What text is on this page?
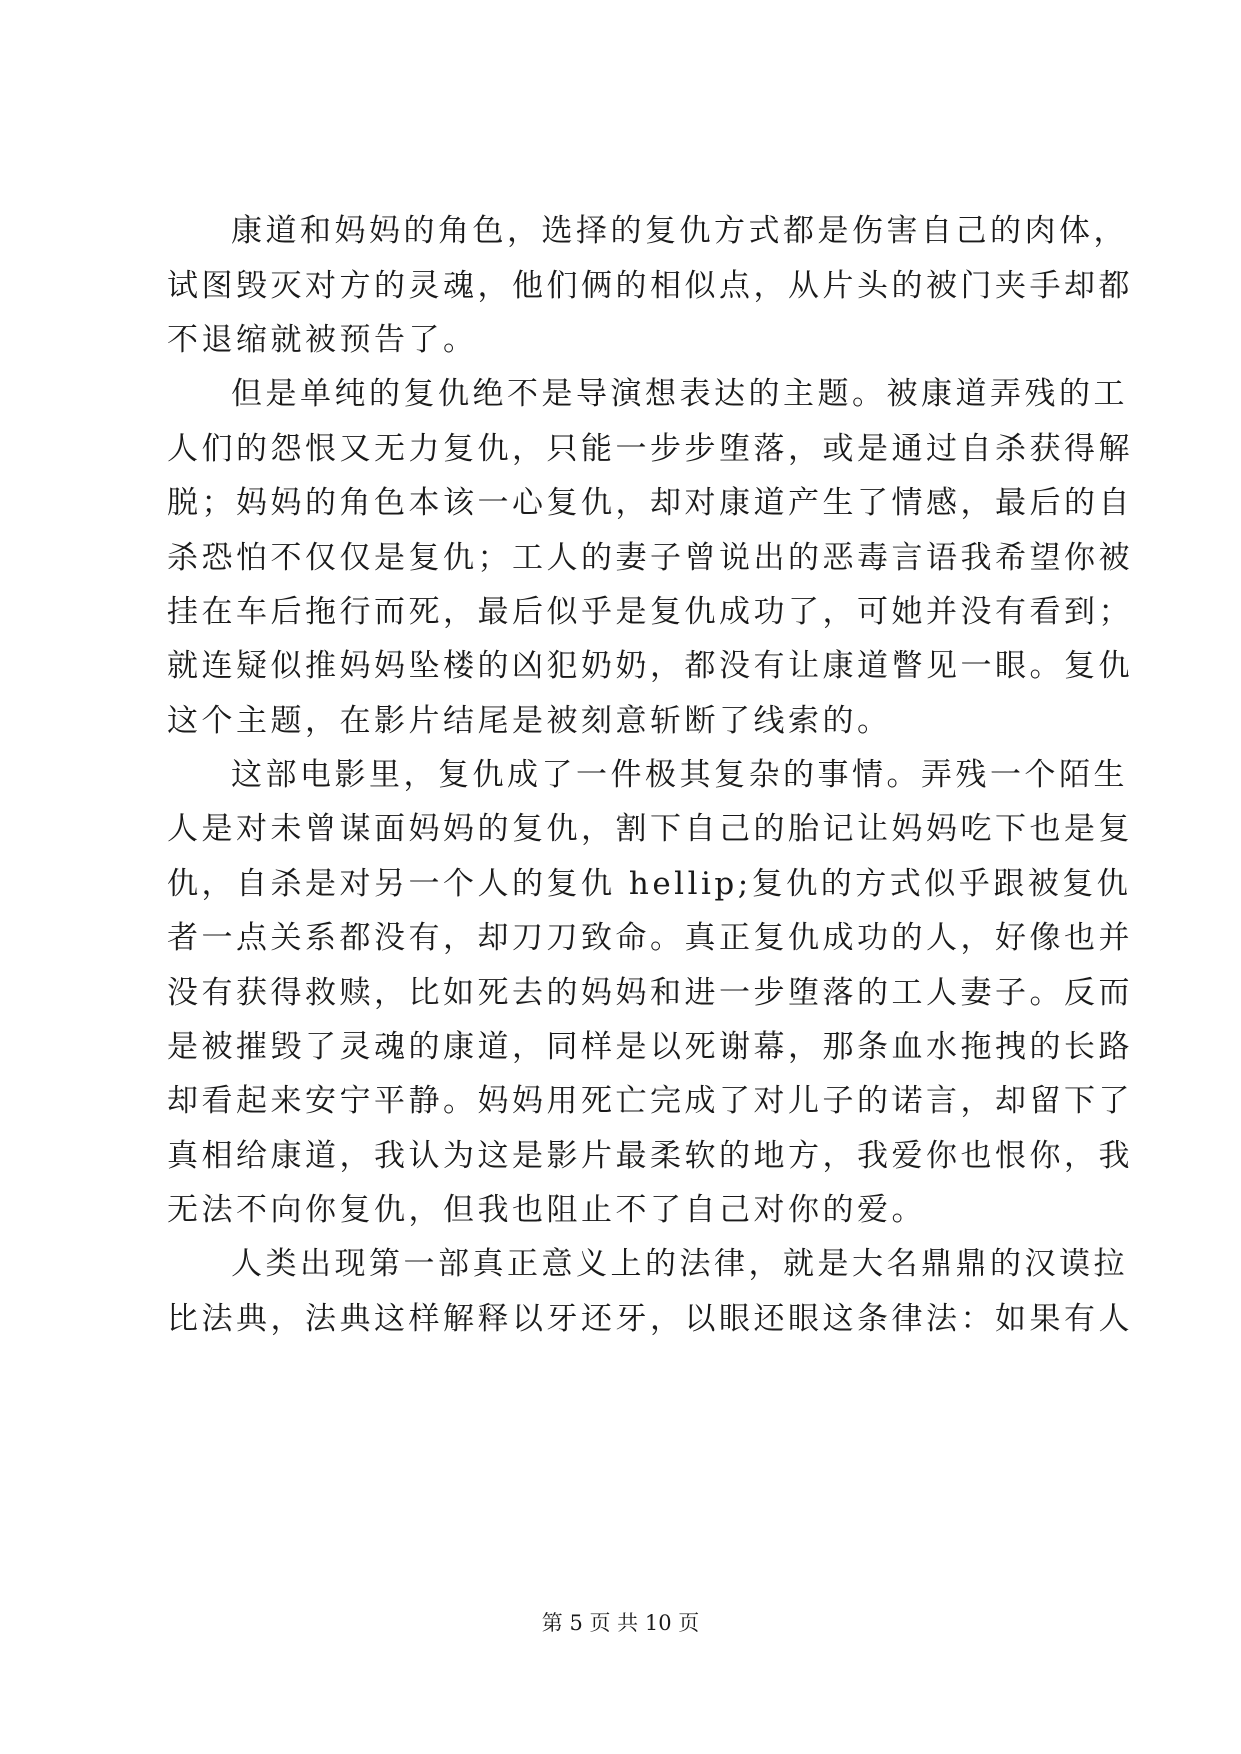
康道和妈妈的角色，选择的复仇方式都是伤害自己的肉体，
试图毁灭对方的灵魂，他们俩的相似点，从片头的被门夹手却都
不退缩就被预告了。
但是单纯的复仇绝不是导演想表达的主题。被康道弄残的工
人们的怨恨又无力复仇，只能一步步堕落，或是通过自杀获得解
脱；妈妈的角色本该一心复仇，却对康道产生了情感，最后的自
杀恐怕不仅仅是复仇；工人的妻子曾说出的恶毒言语我希望你被
挂在车后拖行而死，最后似乎是复仇成功了，可她并没有看到；
就连疑似推妈妈坠楼的凶犯奶奶，都没有让康道瞥见一眼。复仇
这个主题，在影片结尾是被刻意斩断了线索的。
这部电影里，复仇成了一件极其复杂的事情。弄残一个陌生
人是对未曾谋面妈妈的复仇，割下自己的胎记让妈妈吃下也是复
仇，自杀是对另一个人的复仇 hellip;复仇的方式似乎跟被复仇
者一点关系都没有，却刀刀致命。真正复仇成功的人，好像也并
没有获得救赎，比如死去的妈妈和进一步堕落的工人妻子。反而
是被摧毁了灵魂的康道，同样是以死谢幕，那条血水拖拽的长路
却看起来安宁平静。妈妈用死亡完成了对儿子的诺言，却留下了
真相给康道，我认为这是影片最柔软的地方，我爱你也恨你，我
无法不向你复仇，但我也阻止不了自己对你的爱。
人类出现第一部真正意义上的法律，就是大名鼎鼎的汉谟拉
比法典，法典这样解释以牙还牙，以眼还眼这条律法：如果有人
第 5 页 共 10 页
